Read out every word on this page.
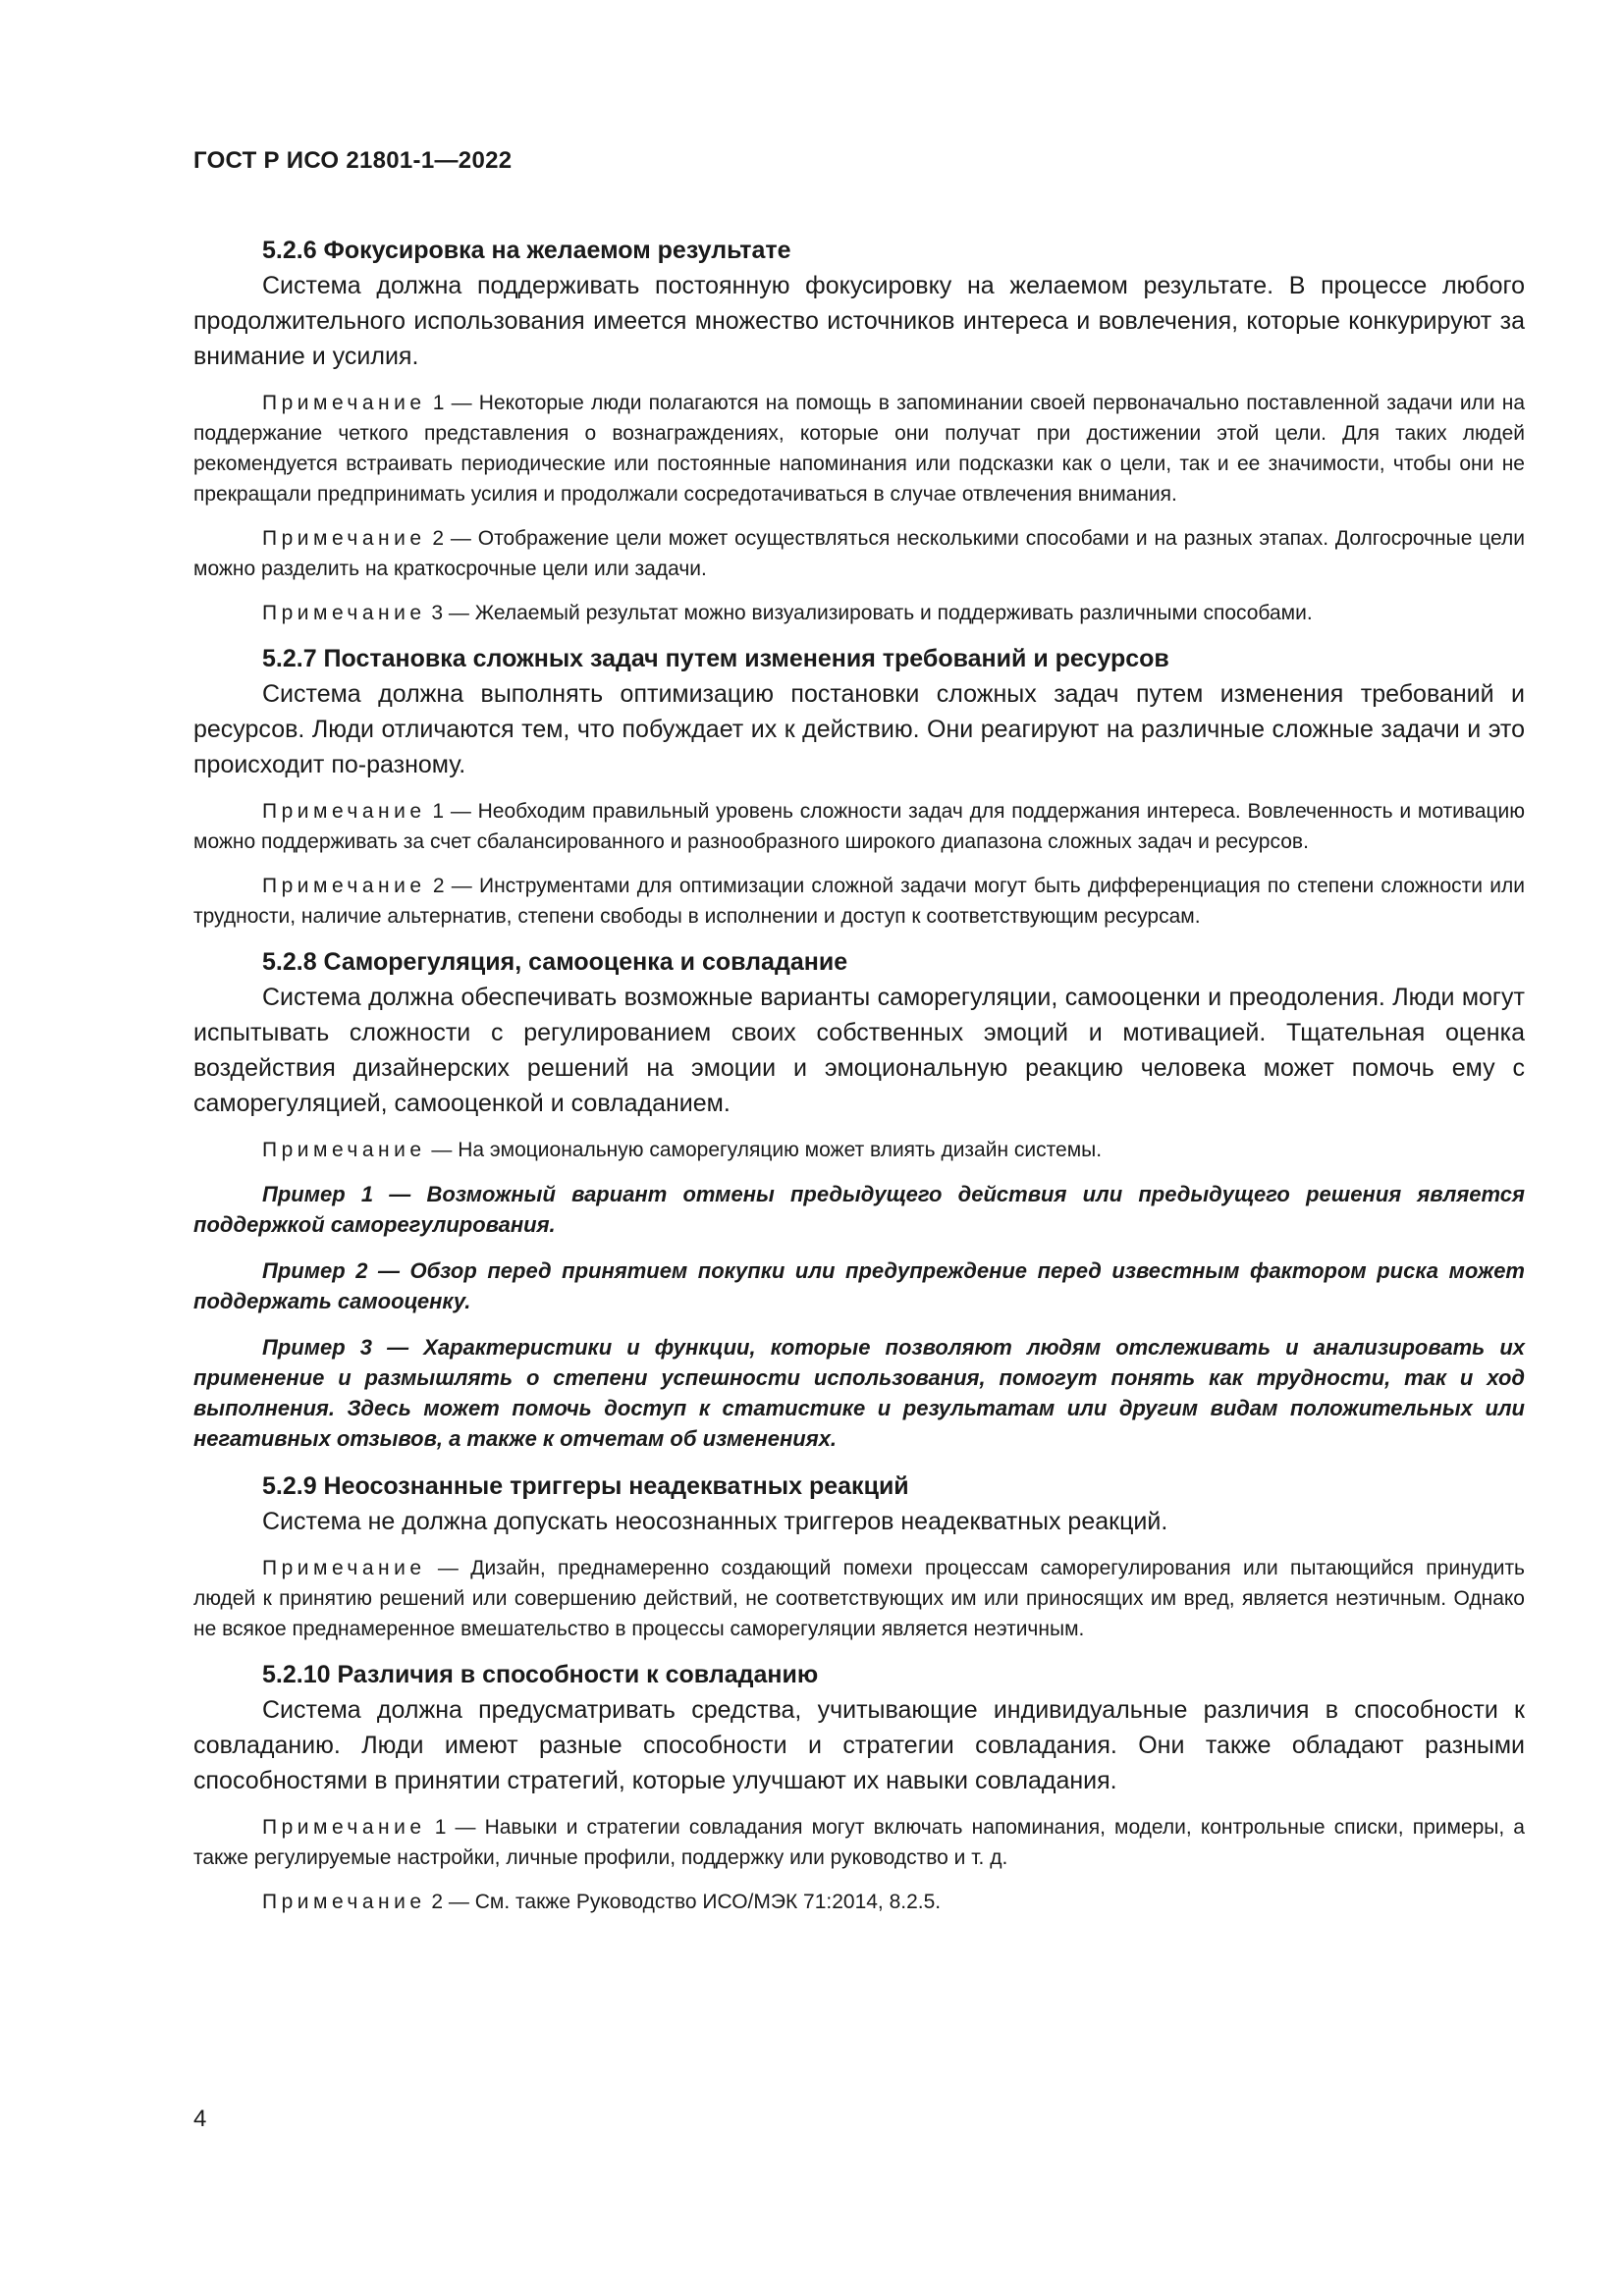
ГОСТ Р ИСО 21801-1—2022
5.2.6 Фокусировка на желаемом результате

Система должна поддерживать постоянную фокусировку на желаемом результате. В процессе любого продолжительного использования имеется множество источников интереса и вовлечения, которые конкурируют за внимание и усилия.

Примечание 1 — Некоторые люди полагаются на помощь в запоминании своей первоначально поставленной задачи или на поддержание четкого представления о вознаграждениях, которые они получат при достижении этой цели. Для таких людей рекомендуется встраивать периодические или постоянные напоминания или подсказки как о цели, так и ее значимости, чтобы они не прекращали предпринимать усилия и продолжали сосредотачиваться в случае отвлечения внимания.

Примечание 2 — Отображение цели может осуществляться несколькими способами и на разных этапах. Долгосрочные цели можно разделить на краткосрочные цели или задачи.

Примечание 3 — Желаемый результат можно визуализировать и поддерживать различными способами.

5.2.7 Постановка сложных задач путем изменения требований и ресурсов

Система должна выполнять оптимизацию постановки сложных задач путем изменения требований и ресурсов. Люди отличаются тем, что побуждает их к действию. Они реагируют на различные сложные задачи и это происходит по-разному.

Примечание 1 — Необходим правильный уровень сложности задач для поддержания интереса. Вовлеченность и мотивацию можно поддерживать за счет сбалансированного и разнообразного широкого диапазона сложных задач и ресурсов.

Примечание 2 — Инструментами для оптимизации сложной задачи могут быть дифференциация по степени сложности или трудности, наличие альтернатив, степени свободы в исполнении и доступ к соответствующим ресурсам.

5.2.8 Саморегуляция, самооценка и совладание

Система должна обеспечивать возможные варианты саморегуляции, самооценки и преодоления. Люди могут испытывать сложности с регулированием своих собственных эмоций и мотивацией. Тщательная оценка воздействия дизайнерских решений на эмоции и эмоциональную реакцию человека может помочь ему с саморегуляцией, самооценкой и совладанием.

Примечание — На эмоциональную саморегуляцию может влиять дизайн системы.

Пример 1 — Возможный вариант отмены предыдущего действия или предыдущего решения является поддержкой саморегулирования.

Пример 2 — Обзор перед принятием покупки или предупреждение перед известным фактором риска может поддержать самооценку.

Пример 3 — Характеристики и функции, которые позволяют людям отслеживать и анализировать их применение и размышлять о степени успешности использования, помогут понять как трудности, так и ход выполнения. Здесь может помочь доступ к статистике и результатам или другим видам положительных или негативных отзывов, а также к отчетам об изменениях.

5.2.9 Неосознанные триггеры неадекватных реакций

Система не должна допускать неосознанных триггеров неадекватных реакций.

Примечание — Дизайн, преднамеренно создающий помехи процессам саморегулирования или пытающийся принудить людей к принятию решений или совершению действий, не соответствующих им или приносящих им вред, является неэтичным. Однако не всякое преднамеренное вмешательство в процессы саморегуляции является неэтичным.

5.2.10 Различия в способности к совладанию

Система должна предусматривать средства, учитывающие индивидуальные различия в способности к совладанию. Люди имеют разные способности и стратегии совладания. Они также обладают разными способностями в принятии стратегий, которые улучшают их навыки совладания.

Примечание 1 — Навыки и стратегии совладания могут включать напоминания, модели, контрольные списки, примеры, а также регулируемые настройки, личные профили, поддержку или руководство и т. д.

Примечание 2 — См. также Руководство ИСО/МЭК 71:2014, 8.2.5.

4
